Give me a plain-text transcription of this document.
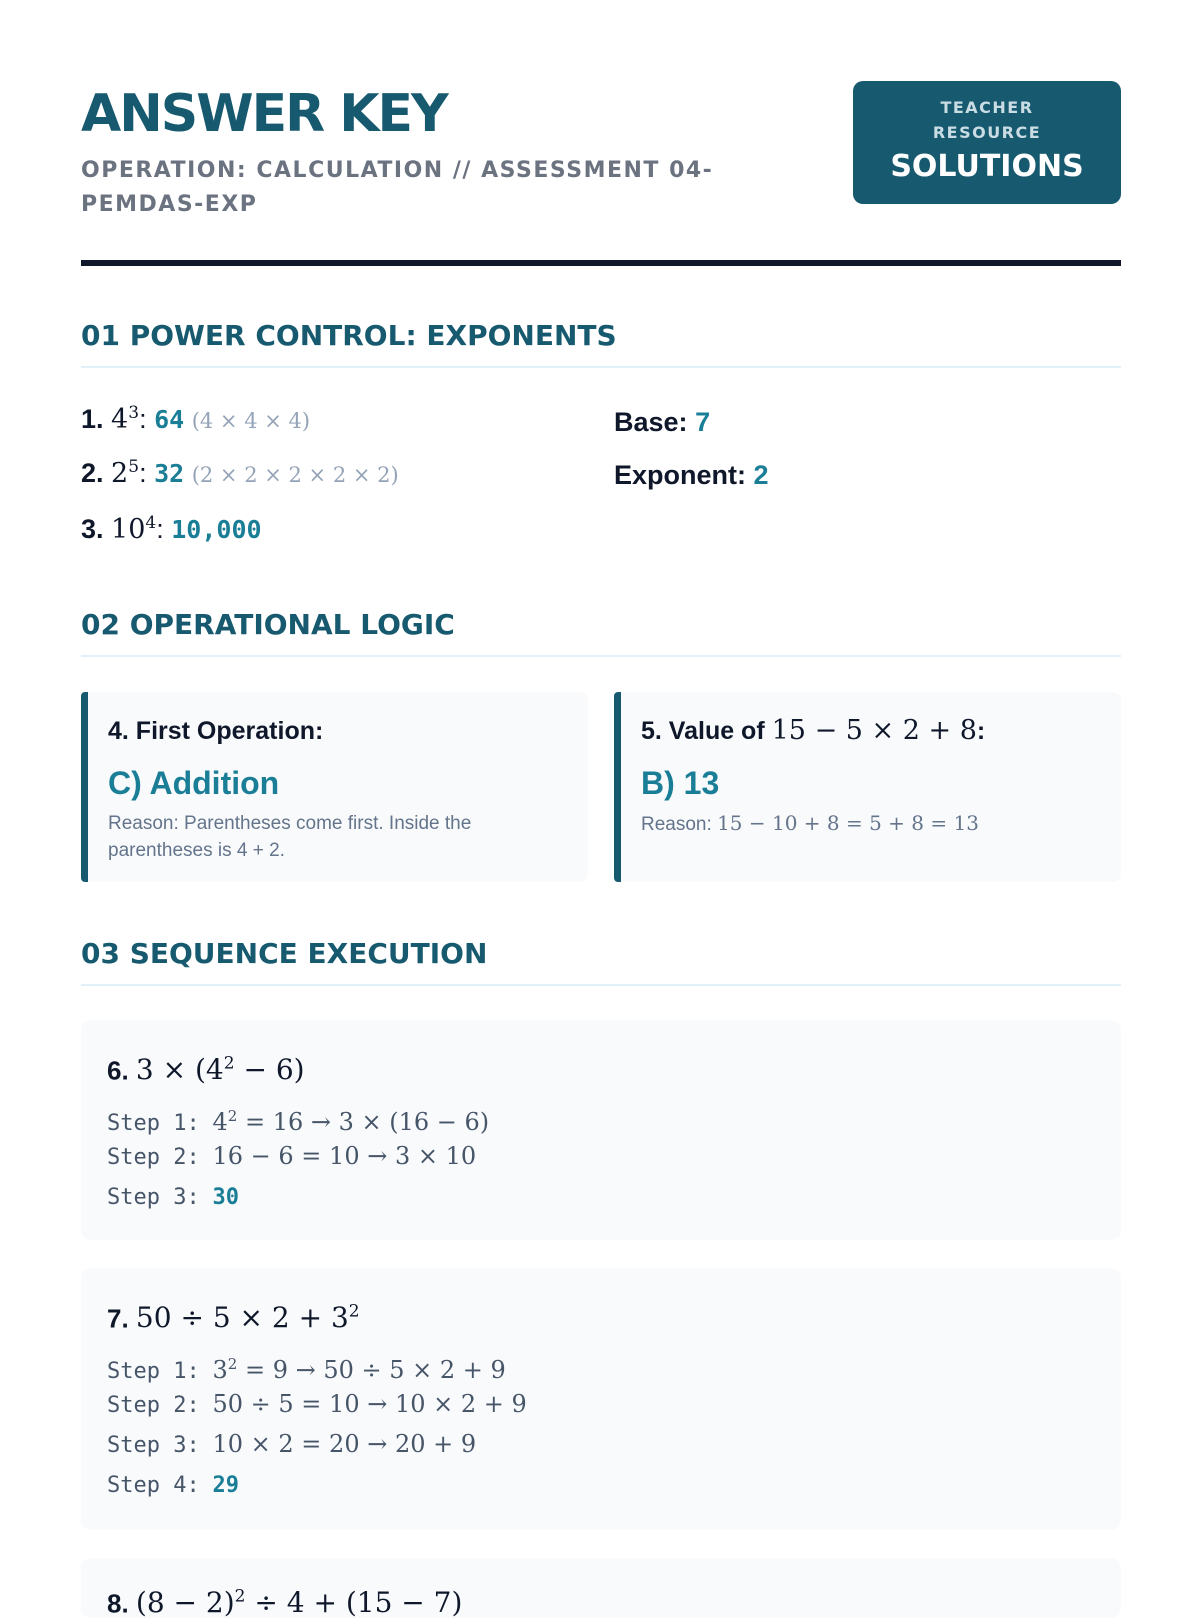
ANSWER KEY
OPERATION: CALCULATION // ASSESSMENT 04-PEMDAS-EXP
TEACHER RESOURCE
SOLUTIONS
01 POWER CONTROL: EXPONENTS
1. $4^3$: 64 (4 × 4 × 4)
2. $2^5$: 32 (2 × 2 × 2 × 2 × 2)
3. $10^4$: 10,000
Base: 7
Exponent: 2
02 OPERATIONAL LOGIC
4. First Operation:
C) Addition
Reason: Parentheses come first. Inside the parentheses is 4 + 2.
5. Value of 15 − 5 × 2 + 8:
B) 13
Reason: 15 − 10 + 8 = 5 + 8 = 13
03 SEQUENCE EXECUTION
6. $3 \times (4^2 - 6)$
Step 1: $4^2 = 16 \to 3 \times (16 - 6)$
Step 2: 16 − 6 = 10 → 3 × 10
Step 3: 30
7. $50 \div 5 \times 2 + 3^2$
Step 1: $3^2 = 9 \to 50 \div 5 \times 2 + 9$
Step 2: 50 ÷ 5 = 10 → 10 × 2 + 9
Step 3: 10 × 2 = 20 → 20 + 9
Step 4: 29
8. $(8 - 2)^2 \div 4 + (15 - 7)$
